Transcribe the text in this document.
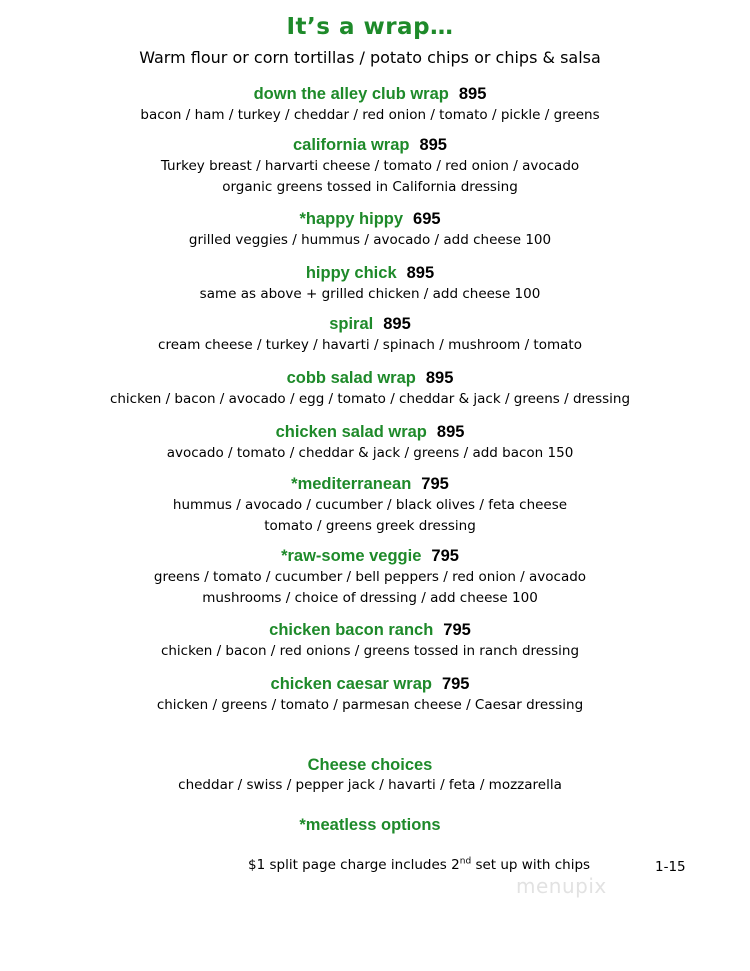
It’s a wrap…
Warm flour or corn tortillas / potato chips or chips & salsa
down the alley club wrap 895
bacon / ham / turkey / cheddar / red onion / tomato / pickle / greens
california wrap 895
Turkey breast / harvarti cheese / tomato / red onion / avocado
organic greens tossed in California dressing
*happy hippy 695
grilled veggies / hummus / avocado / add cheese 100
hippy chick 895
same as above + grilled chicken / add cheese 100
spiral 895
cream cheese / turkey / havarti / spinach / mushroom / tomato
cobb salad wrap 895
chicken / bacon / avocado / egg / tomato / cheddar & jack / greens / dressing
chicken salad wrap 895
avocado / tomato / cheddar & jack / greens / add bacon 150
*mediterranean 795
hummus / avocado / cucumber / black olives / feta cheese
tomato / greens greek dressing
*raw-some veggie 795
greens / tomato / cucumber / bell peppers / red onion / avocado
mushrooms / choice of dressing / add cheese 100
chicken bacon ranch 795
chicken / bacon / red onions / greens tossed in ranch dressing
chicken caesar wrap 795
chicken / greens / tomato / parmesan cheese / Caesar dressing
Cheese choices
cheddar / swiss / pepper jack / havarti / feta / mozzarella
*meatless options
$1 split page charge includes 2nd set up with chips	1-15
menupix
